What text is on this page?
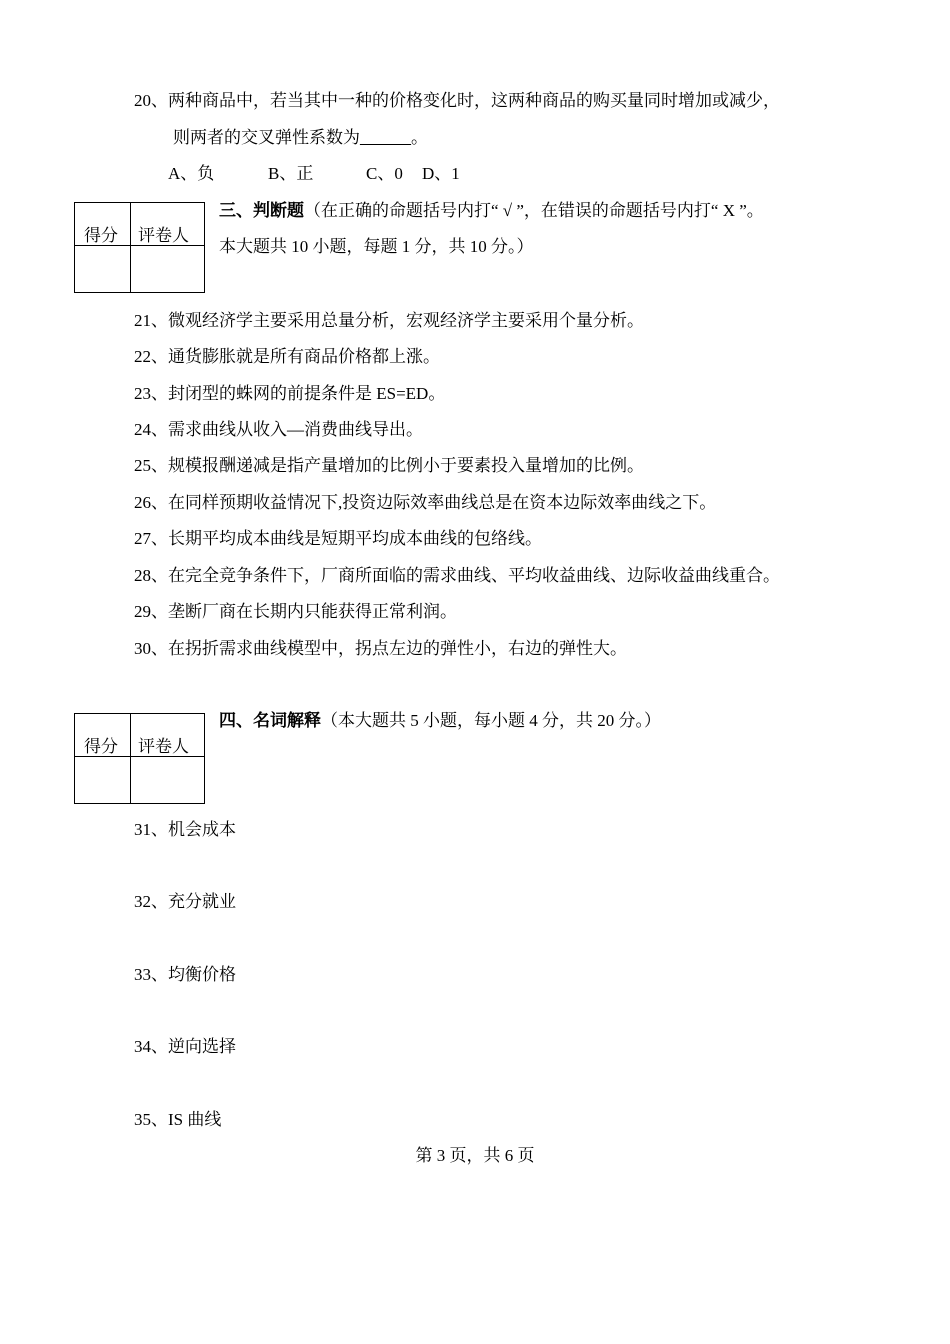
20、两种商品中，若当其中一种的价格变化时，这两种商品的购买量同时增加或减少，
则两者的交叉弹性系数为______。
A、负	B、正	C、0 D、1
得分 评卷人
三、判断题（在正确的命题括号内打“ √ ”，在错误的命题括号内打“ X ”。
本大题共 10 小题，每题 1 分，共 10 分。）
21、微观经济学主要采用总量分析，宏观经济学主要采用个量分析。
22、通货膨胀就是所有商品价格都上涨。
23、封闭型的蛛网的前提条件是 ES=ED。
24、需求曲线从收入—消费曲线导出。
25、规模报酬递减是指产量增加的比例小于要素投入量增加的比例。
26、在同样预期收益情况下,投资边际效率曲线总是在资本边际效率曲线之下。
27、长期平均成本曲线是短期平均成本曲线的包络线。
28、在完全竞争条件下，厂商所面临的需求曲线、平均收益曲线、边际收益曲线重合。
29、垄断厂商在长期内只能获得正常利润。
30、在拐折需求曲线模型中，拐点左边的弹性小，右边的弹性大。
得分 评卷人
四、名词解释（本大题共 5 小题，每小题 4 分，共 20 分。）
31、机会成本
32、充分就业
33、均衡价格
34、逆向选择
35、IS 曲线
第 3 页，共 6 页
